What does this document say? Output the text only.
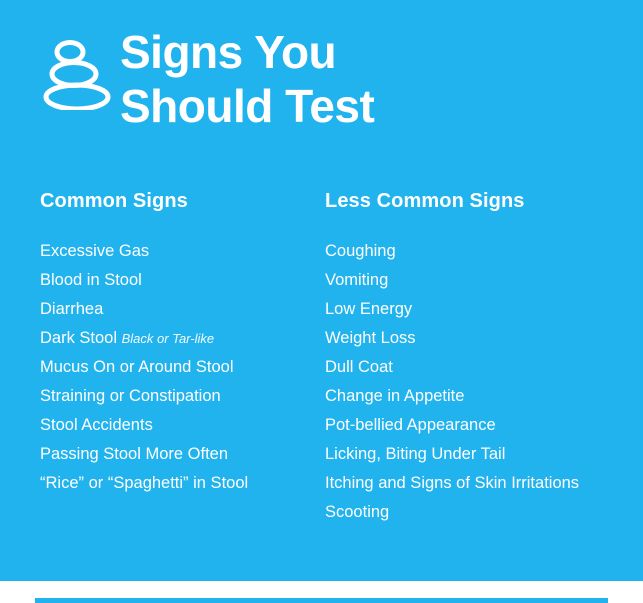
Signs You
Should Test
Common Signs
Excessive Gas
Blood in Stool
Diarrhea
Dark Stool Black or Tar-like
Mucus On or Around Stool
Straining or Constipation
Stool Accidents
Passing Stool More Often
“Rice” or “Spaghetti” in Stool
Less Common Signs
Coughing
Vomiting
Low Energy
Weight Loss
Dull Coat
Change in Appetite
Pot-bellied Appearance
Licking, Biting Under Tail
Itching and Signs of Skin Irritations
Scooting
